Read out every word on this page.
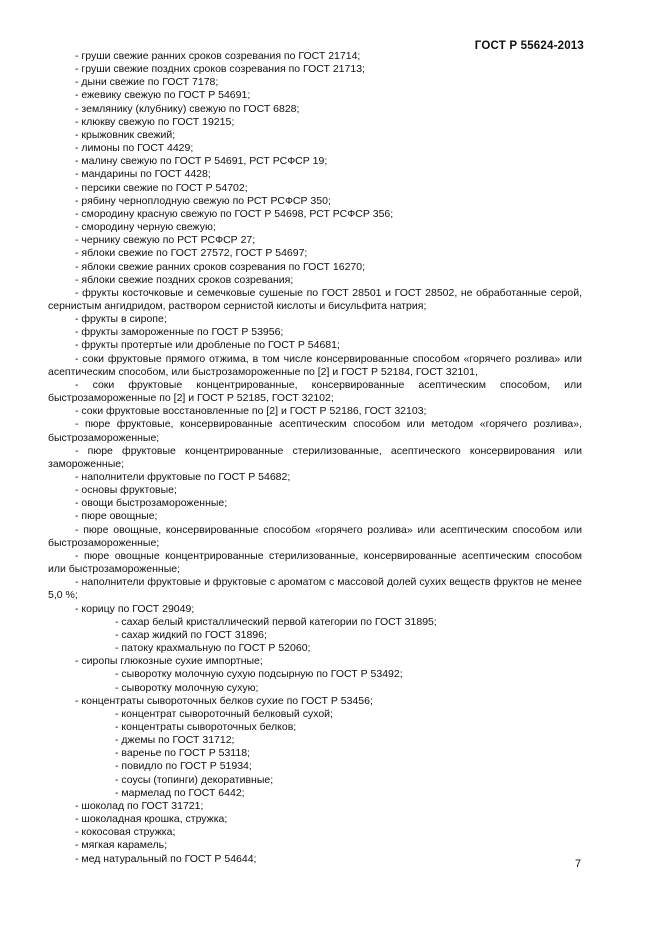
ГОСТ Р 55624-2013
- груши свежие ранних сроков созревания по ГОСТ 21714;
- груши свежие поздних сроков созревания по ГОСТ 21713;
- дыни свежие по ГОСТ 7178;
- ежевику свежую по ГОСТ Р 54691;
- землянику (клубнику) свежую по ГОСТ 6828;
- клюкву свежую по ГОСТ 19215;
- крыжовник свежий;
- лимоны по ГОСТ 4429;
- малину свежую по ГОСТ Р 54691, РСТ РСФСР 19;
- мандарины по ГОСТ 4428;
- персики свежие по ГОСТ Р 54702;
- рябину черноплодную свежую по РСТ РСФСР 350;
- смородину красную свежую по ГОСТ Р 54698, РСТ РСФСР 356;
- смородину черную свежую;
- чернику свежую по РСТ РСФСР 27;
- яблоки свежие по ГОСТ 27572, ГОСТ Р 54697;
- яблоки свежие ранних сроков созревания по ГОСТ 16270;
- яблоки свежие поздних сроков созревания;
- фрукты косточковые и семечковые сушеные по ГОСТ 28501 и ГОСТ 28502, не обработанные серой, сернистым ангидридом, раствором сернистой кислоты и бисульфита натрия;
- фрукты в сиропе;
- фрукты замороженные по ГОСТ Р 53956;
- фрукты протертые или дробленые по ГОСТ Р 54681;
- соки фруктовые прямого отжима, в том числе консервированные способом «горячего розлива» или асептическим способом, или быстрозамороженные по [2] и ГОСТ Р 52184, ГОСТ 32101,
- соки фруктовые концентрированные, консервированные асептическим способом, или быстрозамороженные по [2] и ГОСТ Р 52185, ГОСТ 32102;
- соки фруктовые восстановленные по [2] и ГОСТ Р 52186, ГОСТ 32103;
- пюре фруктовые, консервированные асептическим способом или методом «горячего розлива», быстрозамороженные;
- пюре фруктовые концентрированные стерилизованные, асептического консервирования или замороженные;
- наполнители фруктовые по ГОСТ Р 54682;
- основы фруктовые;
- овощи быстрозамороженные;
- пюре овощные;
- пюре овощные, консервированные способом «горячего розлива» или асептическим способом или быстрозамороженные;
- пюре овощные концентрированные стерилизованные, консервированные асептическим способом или быстрозамороженные;
- наполнители фруктовые и фруктовые с ароматом с массовой долей сухих веществ фруктов не менее 5,0 %;
- корицу по ГОСТ 29049;
- сахар белый кристаллический первой категории по ГОСТ 31895;
- сахар жидкий по ГОСТ 31896;
- патоку крахмальную по ГОСТ Р 52060;
- сиропы глюкозные сухие импортные;
- сыворотку молочную сухую подсырную по ГОСТ Р 53492;
- сыворотку молочную сухую;
- концентраты сывороточных белков сухие по ГОСТ Р 53456;
- концентрат сывороточный белковый сухой;
- концентраты сывороточных белков;
- джемы по ГОСТ 31712;
- варенье по ГОСТ Р 53118;
- повидло по ГОСТ Р 51934;
- соусы (топинги) декоративные;
- мармелад по ГОСТ 6442;
- шоколад по ГОСТ 31721;
- шоколадная крошка, стружка;
- кокосовая стружка;
- мягкая карамель;
- мед натуральный по ГОСТ Р 54644;	7
